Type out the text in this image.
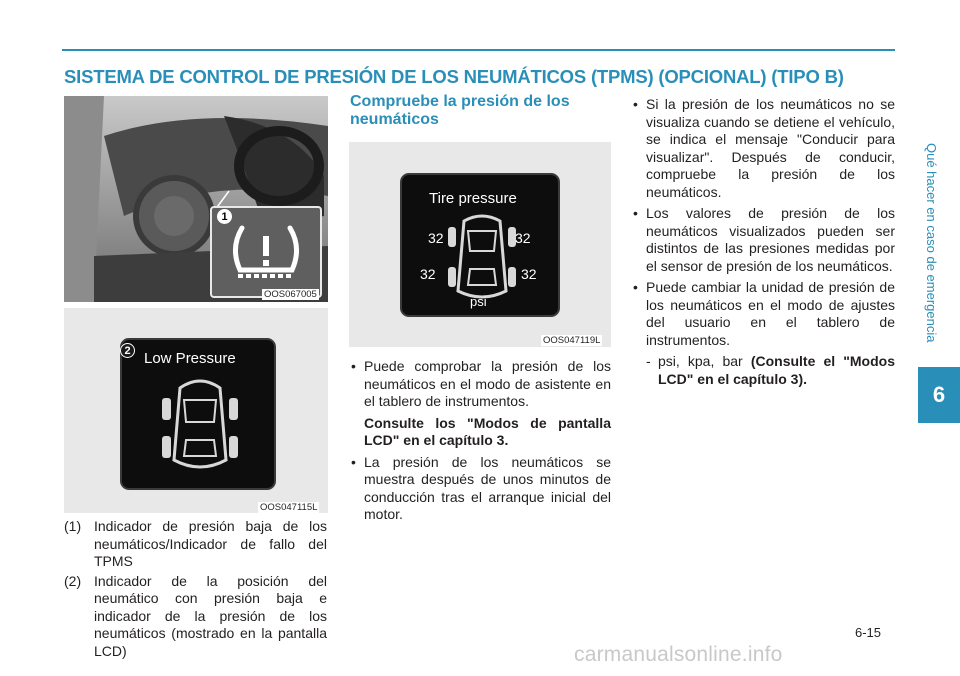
SISTEMA DE CONTROL DE PRESIÓN DE LOS NEUMÁTICOS (TPMS) (OPCIONAL) (TIPO B)
Qué hacer en caso de emergencia
6
1
OOS067005
Low Pressure
2
OOS047115L
Tire pressure
32	32
32	32
psi
OOS047119L
(1) Indicador de presión baja de los neumáticos/Indicador de fallo del TPMS
(2) Indicador de la posición del neumático con presión baja e indicador de la presión de los neumáticos (mostrado en la pantalla LCD)
Compruebe la presión de los neumáticos

• Puede comprobar la presión de los neumáticos en el modo de asistente en el tablero de instrumentos.

Consulte los "Modos de pantalla LCD" en el capítulo 3.

• La presión de los neumáticos se muestra después de unos minutos de conducción tras el arranque inicial del motor.

• Si la presión de los neumáticos no se visualiza cuando se detiene el vehículo, se indica el mensaje "Conducir para visualizar". Después de conducir, compruebe la presión de los neumáticos.

• Los valores de presión de los neumáticos visualizados pueden ser distintos de las presiones medidas por el sensor de presión de los neumáticos.

• Puede cambiar la unidad de presión de los neumáticos en el modo de ajustes del usuario en el tablero de instrumentos.

- psi, kpa, bar (Consulte el "Modos LCD" en el capítulo 3).

6-15
carmanualsonline.info
